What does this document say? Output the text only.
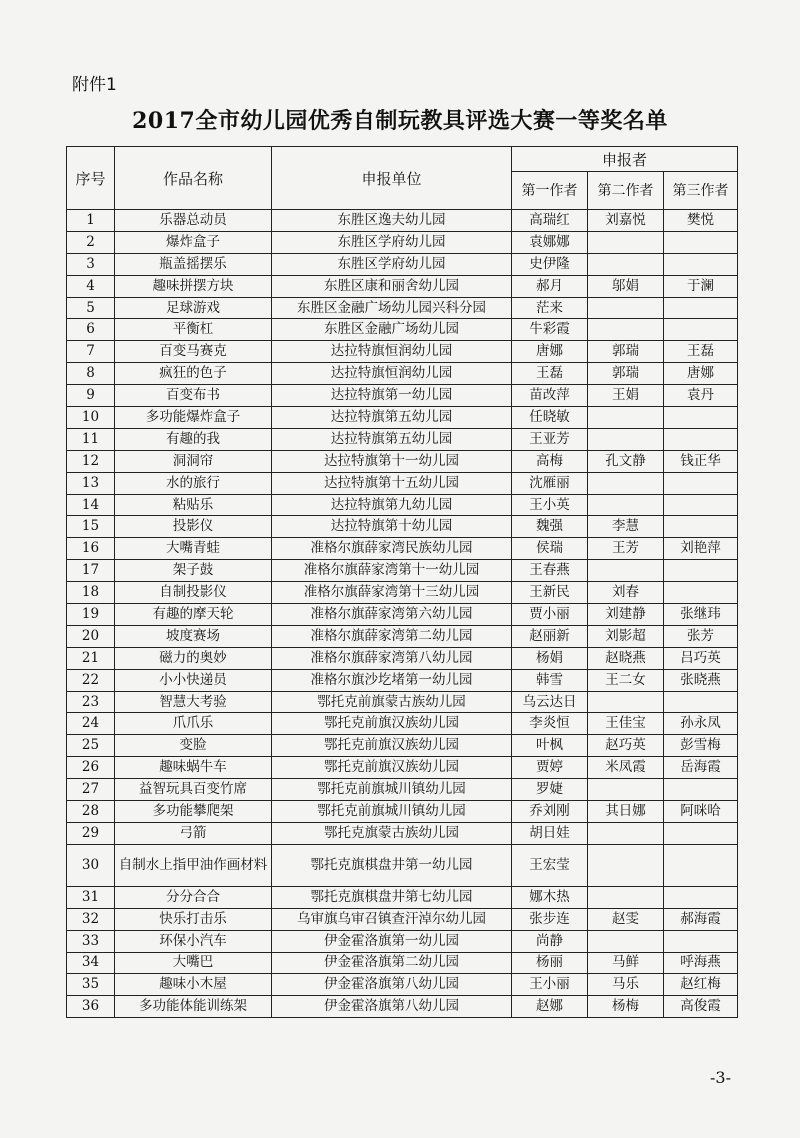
附件1
2017全市幼儿园优秀自制玩教具评选大赛一等奖名单
序号	作品名称	申报单位	申报者		
			第一作者	第二作者	第三作者
1	乐器总动员	东胜区逸夫幼儿园	高瑞红	刘嘉悦	樊悦
2	爆炸盒子	东胜区学府幼儿园	袁娜娜		
3	瓶盖摇摆乐	东胜区学府幼儿园	史伊隆		
4	趣味拼摆方块	东胜区康和丽舍幼儿园	郝月	邬娟	于澜
5	足球游戏	东胜区金融广场幼儿园兴科分园	茫来		
6	平衡杠	东胜区金融广场幼儿园	牛彩霞		
7	百变马赛克	达拉特旗恒润幼儿园	唐娜	郭瑞	王磊
8	疯狂的色子	达拉特旗恒润幼儿园	王磊	郭瑞	唐娜
9	百变布书	达拉特旗第一幼儿园	苗改萍	王娟	袁丹
10	多功能爆炸盒子	达拉特旗第五幼儿园	任晓敏		
11	有趣的我	达拉特旗第五幼儿园	王亚芳		
12	洞洞帘	达拉特旗第十一幼儿园	高梅	孔文静	钱正华
13	水的旅行	达拉特旗第十五幼儿园	沈雁丽		
14	粘贴乐	达拉特旗第九幼儿园	王小英		
15	投影仪	达拉特旗第十幼儿园	魏强	李慧	
16	大嘴青蛙	准格尔旗薛家湾民族幼儿园	侯瑞	王芳	刘艳萍
17	架子鼓	准格尔旗薛家湾第十一幼儿园	王春燕		
18	自制投影仪	准格尔旗薛家湾第十三幼儿园	王新民	刘春	
19	有趣的摩天轮	准格尔旗薛家湾第六幼儿园	贾小丽	刘建静	张继玮
20	坡度赛场	准格尔旗薛家湾第二幼儿园	赵丽新	刘影超	张芳
21	磁力的奥妙	准格尔旗薛家湾第八幼儿园	杨娟	赵晓燕	吕巧英
22	小小快递员	准格尔旗沙圪堵第一幼儿园	韩雪	王二女	张晓燕
23	智慧大考验	鄂托克前旗蒙古族幼儿园	乌云达日		
24	爪爪乐	鄂托克前旗汉族幼儿园	李炎恒	王佳宝	孙永凤
25	变脸	鄂托克前旗汉族幼儿园	叶枫	赵巧英	彭雪梅
26	趣味蜗牛车	鄂托克前旗汉族幼儿园	贾婷	米凤霞	岳海霞
27	益智玩具百变竹席	鄂托克前旗城川镇幼儿园	罗婕		
28	多功能攀爬架	鄂托克前旗城川镇幼儿园	乔刘刚	其日娜	阿咪哈
29	弓箭	鄂托克旗蒙古族幼儿园	胡日娃		
30	自制水上指甲油作画材料	鄂托克旗棋盘井第一幼儿园	王宏莹		
31	分分合合	鄂托克旗棋盘井第七幼儿园	娜木热		
32	快乐打击乐	乌审旗乌审召镇查汗淖尔幼儿园	张步连	赵雯	郝海霞
33	环保小汽车	伊金霍洛旗第一幼儿园	尚静		
34	大嘴巴	伊金霍洛旗第二幼儿园	杨丽	马鲜	呼海燕
35	趣味小木屋	伊金霍洛旗第八幼儿园	王小丽	马乐	赵红梅
36	多功能体能训练架	伊金霍洛旗第八幼儿园	赵娜	杨梅	高俊霞
-3-
